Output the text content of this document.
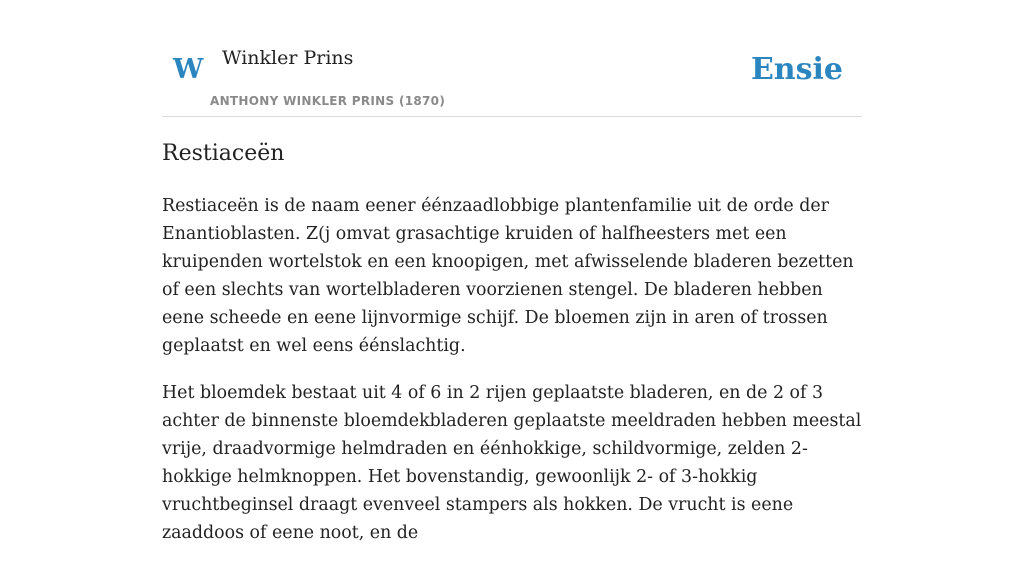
W Winkler Prins
ANTHONY WINKLER PRINS (1870)
Ensie
Restiaceën

Restiaceën is de naam eener éénzaadlobbige plantenfamilie uit de orde der Enantioblasten. Z(j omvat grasachtige kruiden of halfheesters met een kruipenden wortelstok en een knoopigen, met afwisselende bladeren bezetten of een slechts van wortelbladeren voorzienen stengel. De bladeren hebben eene scheede en eene lijnvormige schijf. De bloemen zijn in aren of trossen geplaatst en wel eens éénslachtig.

Het bloemdek bestaat uit 4 of 6 in 2 rijen geplaatste bladeren, en de 2 of 3 achter de binnenste bloemdekbladeren geplaatste meeldraden hebben meestal vrije, draadvormige helmdraden en éénhokkige, schildvormige, zelden 2-hokkige helmknoppen. Het bovenstandig, gewoonlijk 2- of 3-hokkig vruchtbeginsel draagt evenveel stampers als hokken. De vrucht is eene zaaddoos of eene noot, en de
